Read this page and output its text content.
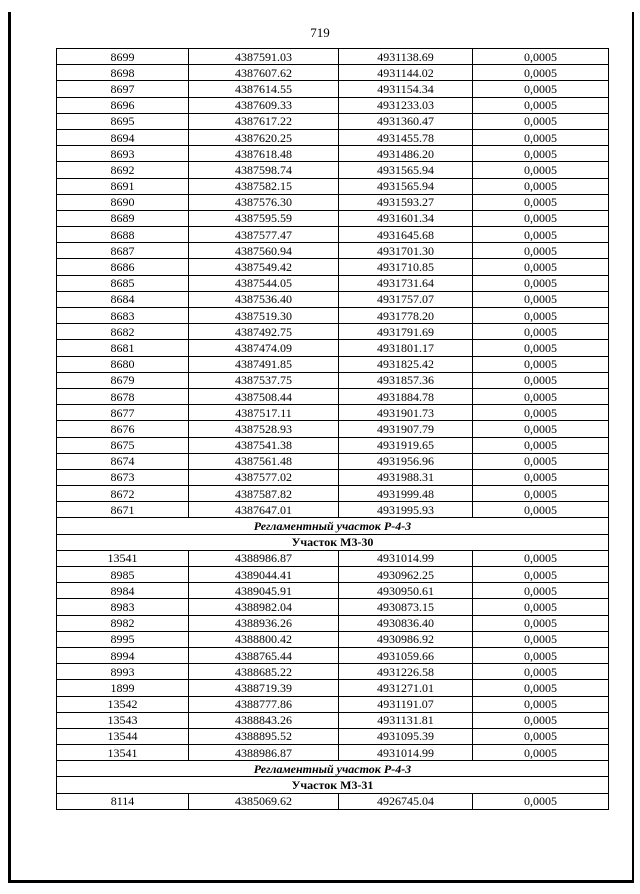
719
8699	4387591.03	4931138.69	0,0005
8698	4387607.62	4931144.02	0,0005
8697	4387614.55	4931154.34	0,0005
8696	4387609.33	4931233.03	0,0005
8695	4387617.22	4931360.47	0,0005
8694	4387620.25	4931455.78	0,0005
8693	4387618.48	4931486.20	0,0005
8692	4387598.74	4931565.94	0,0005
8691	4387582.15	4931565.94	0,0005
8690	4387576.30	4931593.27	0,0005
8689	4387595.59	4931601.34	0,0005
8688	4387577.47	4931645.68	0,0005
8687	4387560.94	4931701.30	0,0005
8686	4387549.42	4931710.85	0,0005
8685	4387544.05	4931731.64	0,0005
8684	4387536.40	4931757.07	0,0005
8683	4387519.30	4931778.20	0,0005
8682	4387492.75	4931791.69	0,0005
8681	4387474.09	4931801.17	0,0005
8680	4387491.85	4931825.42	0,0005
8679	4387537.75	4931857.36	0,0005
8678	4387508.44	4931884.78	0,0005
8677	4387517.11	4931901.73	0,0005
8676	4387528.93	4931907.79	0,0005
8675	4387541.38	4931919.65	0,0005
8674	4387561.48	4931956.96	0,0005
8673	4387577.02	4931988.31	0,0005
8672	4387587.82	4931999.48	0,0005
8671	4387647.01	4931995.93	0,0005
Регламентный участок Р-4-3			
Участок М3-30			
13541	4388986.87	4931014.99	0,0005
8985	4389044.41	4930962.25	0,0005
8984	4389045.91	4930950.61	0,0005
8983	4388982.04	4930873.15	0,0005
8982	4388936.26	4930836.40	0,0005
8995	4388800.42	4930986.92	0,0005
8994	4388765.44	4931059.66	0,0005
8993	4388685.22	4931226.58	0,0005
1899	4388719.39	4931271.01	0,0005
13542	4388777.86	4931191.07	0,0005
13543	4388843.26	4931131.81	0,0005
13544	4388895.52	4931095.39	0,0005
13541	4388986.87	4931014.99	0,0005
Регламентный участок Р-4-3			
Участок М3-31			
8114	4385069.62	4926745.04	0,0005
